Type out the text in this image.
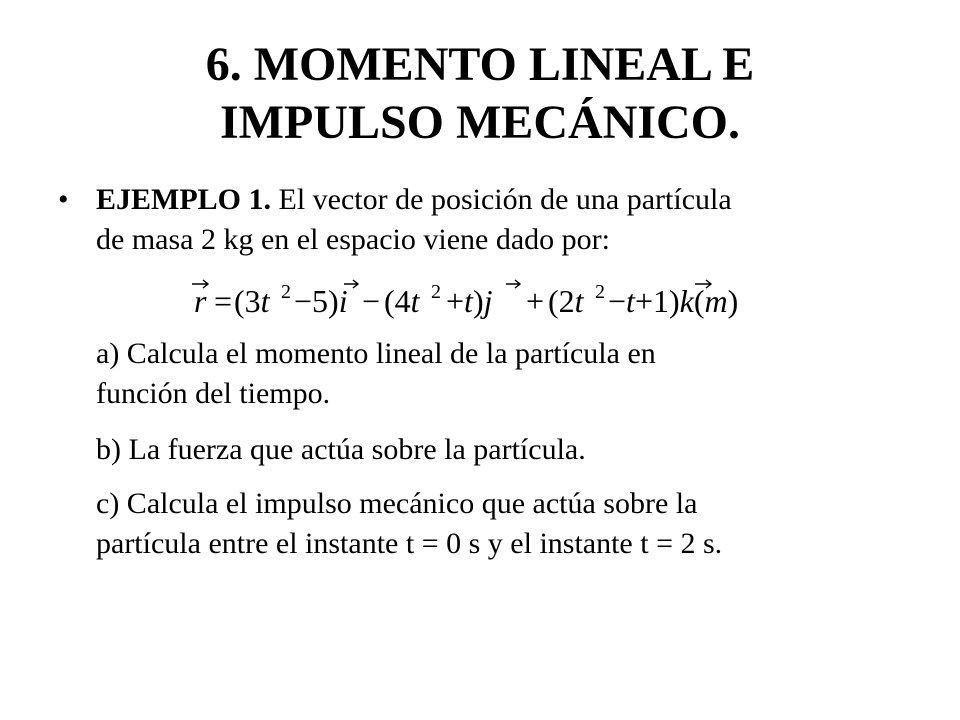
6. MOMENTO LINEAL E
IMPULSO MECÁNICO.
• EJEMPLO 1. El vector de posición de una partícula
de masa 2 kg en el espacio viene dado por:
r = (3t 2 −5)i − (4t 2 +t)j + (2t 2 −t+1)k(m)
a) Calcula el momento lineal de la partícula en
función del tiempo.
b) La fuerza que actúa sobre la partícula.
c) Calcula el impulso mecánico que actúa sobre la
partícula entre el instante t = 0 s y el instante t = 2 s.
